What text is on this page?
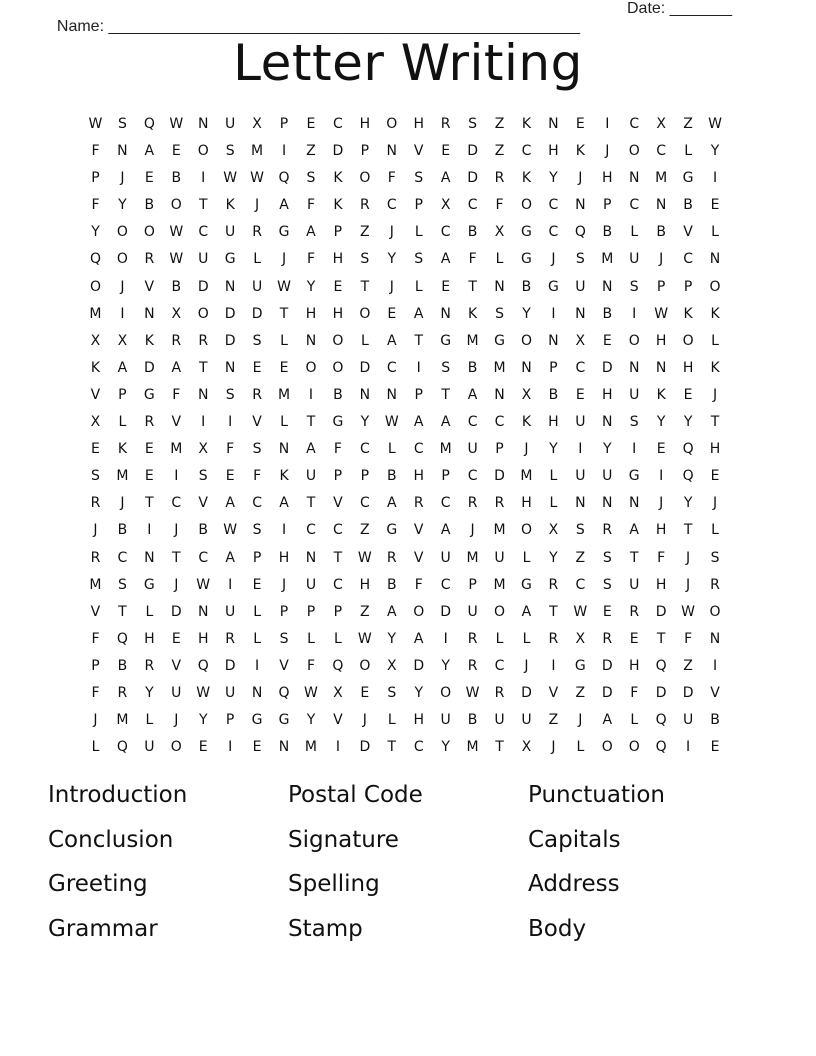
Name: _____________________________________________________

Date: _______

Letter Writing
W	S	Q	W	N	U	X	P	E	C	H	O	H	R	S	Z	K	N	E	I	C	X	Z	W
F	N	A	E	O	S	M	I	Z	D	P	N	V	E	D	Z	C	H	K	J	O	C	L	Y
P	J	E	B	I	W W	Q	S	K	O	F	S	A	D	R	K	Y	J	H	N	M	G	I
F	Y	B	O	T	K	J	A	F	K	R	C	P	X	C	F	O	C	N	P	C	N	B	E
Y	O	O	W	C	U	R	G	A	P	Z	J	L	C	B	X	G	C	Q	B	L	B	V	L
Q	O	R	W	U	G	L	J	F	H	S	Y	S	A	F	L	G	J	S	M	U	J	C	N
O	J	V	B	D	N	U	W	Y	E	T	J	L	E	T	N	B	G	U	N	S	P	P	O
M	I	N	X	O	D	D	T	H	H	O	E	A	N	K	S	Y	I	N	B	I	W	K	K
X	X	K	R	R	D	S	L	N	O	L	A	T	G	M	G	O	N	X	E	O	H	O	L
K	A	D	A	T	N	E	E	O	O	D	C	I	S	B	M	N	P	C	D	N	N	H	K
V	P	G	F	N	S	R	M	I	B	N	N	P	T	A	N	X	B	E	H	U	K	E	J
X	L	R	V	I	I	V	L	T	G	Y	W	A	A	C	C	K	H	U	N	S	Y	Y	T
E	K	E	M	X	F	S	N	A	F	C	L	C	M	U	P	J	Y	I	Y	I	E	Q	H
S	M	E	I	S	E	F	K	U	P	P	B	H	P	C	D	M	L	U	U	G	I	Q	E
R	J	T	C	V	A	C	A	T	V	C	A	R	C	R	R	H	L	N	N	N	J	Y	J
J	B	I	J	B	W	S	I	C	C	Z	G	V	A	J	M	O	X	S	R	A	H	T	L
R	C	N	T	C	A	P	H	N	T	W	R	V	U	M	U	L	Y	Z	S	T	F	J	S
M	S	G	J	W	I	E	J	U	C	H	B	F	C	P	M	G	R	C	S	U	H	J	R
V	T	L	D	N	U	L	P	P	P	Z	A	O	D	U	O	A	T	W	E	R	D	W	O
F	Q	H	E	H	R	L	S	L	L	W	Y	A	I	R	L	L	R	X	R	E	T	F	N
P	B	R	V	Q	D	I	V	F	Q	O	X	D	Y	R	C	J	I	G	D	H	Q	Z	I
F	R	Y	U	W	U	N	Q	W	X	E	S	Y	O	W	R	D	V	Z	D	F	D	D	V
J	M	L	J	Y	P	G	G	Y	V	J	L	H	U	B	U	U	Z	J	A	L	Q	U	B
L	Q	U	O	E	I	E	N	M	I	D	T	C	Y	M	T	X	J	L	O	O	Q	I	E
Introduction	Postal Code	Punctuation
Conclusion	Signature	Capitals
Greeting	Spelling	Address
Grammar	Stamp	Body
